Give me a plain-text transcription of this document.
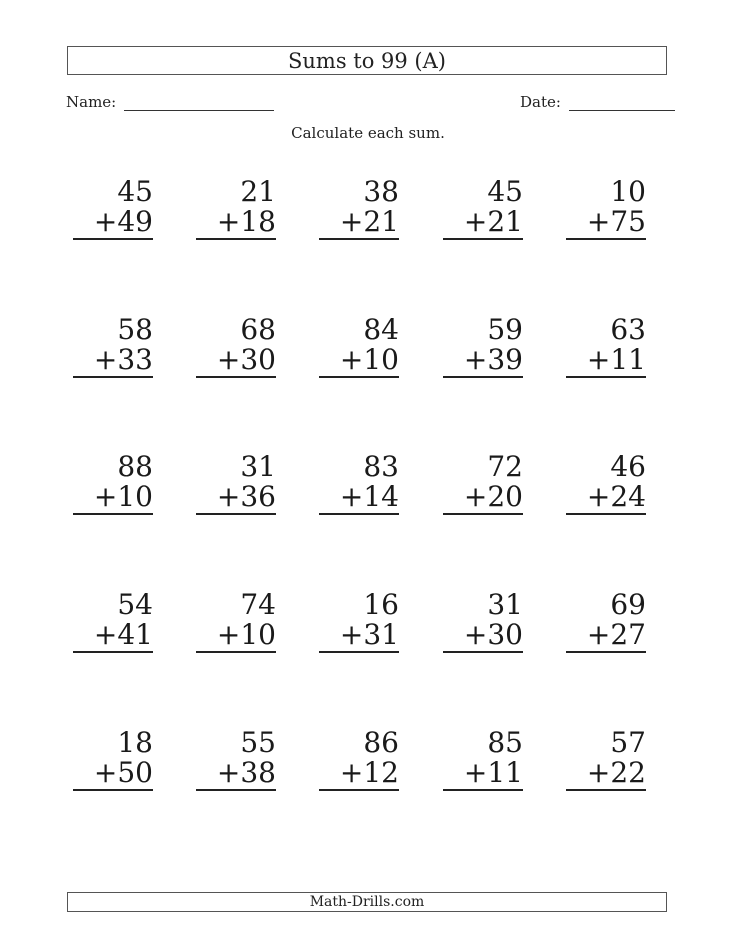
Sums to 99 (A)
Name:	Date:
Calculate each sum.
45
+49
21
+18
38
+21
45
+21
10
+75
58
+33
68
+30
84
+10
59
+39
63
+11
88
+10
31
+36
83
+14
72
+20
46
+24
54
+41
74
+10
16
+31
31
+30
69
+27
18
+50
55
+38
86
+12
85
+11
57
+22
Math-Drills.com
